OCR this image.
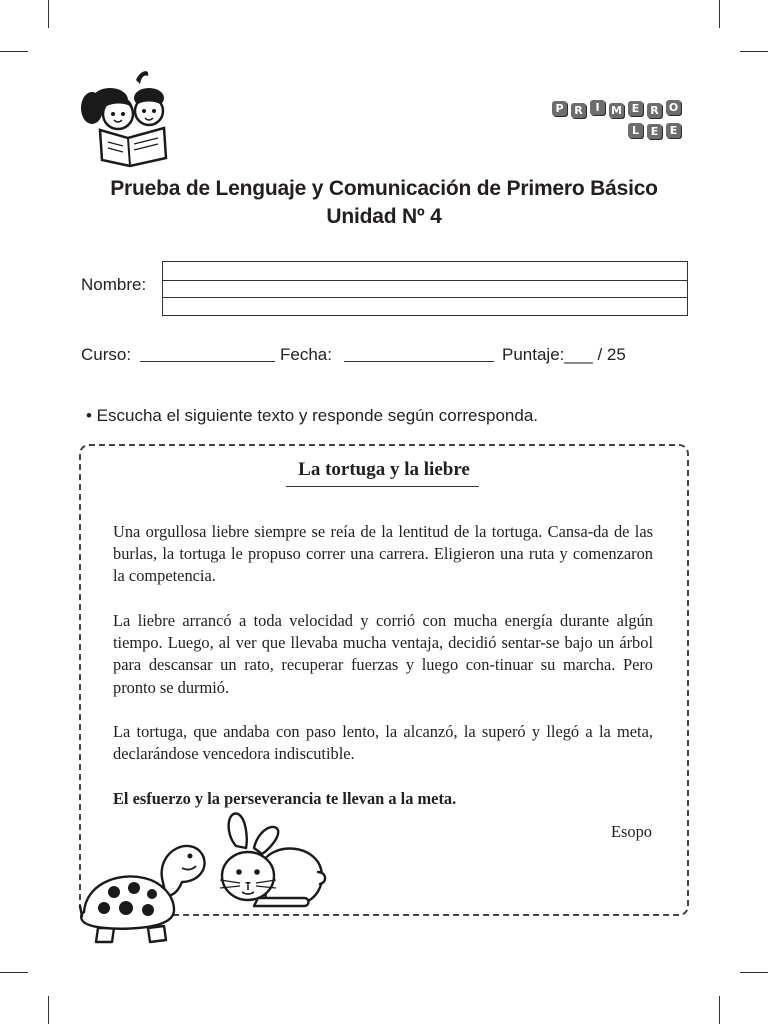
P R	I	M E	R O
L	E	E
Prueba de Lenguaje y Comunicación de Primero Básico
Unidad Nº 4
Nombre:
Curso:	Fecha:	Puntaje:___ / 25
• Escucha el siguiente texto y responde según corresponda.
La tortuga y la liebre

Una orgullosa liebre siempre se reía de la lentitud de la tortuga. Cansa-da de las burlas, la tortuga le propuso correr una carrera. Eligieron una ruta y comenzaron la competencia.

La liebre arrancó a toda velocidad y corrió con mucha energía durante algún tiempo. Luego, al ver que llevaba mucha ventaja, decidió sentar-se bajo un árbol para descansar un rato, recuperar fuerzas y luego con-tinuar su marcha. Pero pronto se durmió.

La tortuga, que andaba con paso lento, la alcanzó, la superó y llegó a la meta, declarándose vencedora indiscutible.

El esfuerzo y la perseverancia te llevan a la meta.

Esopo
